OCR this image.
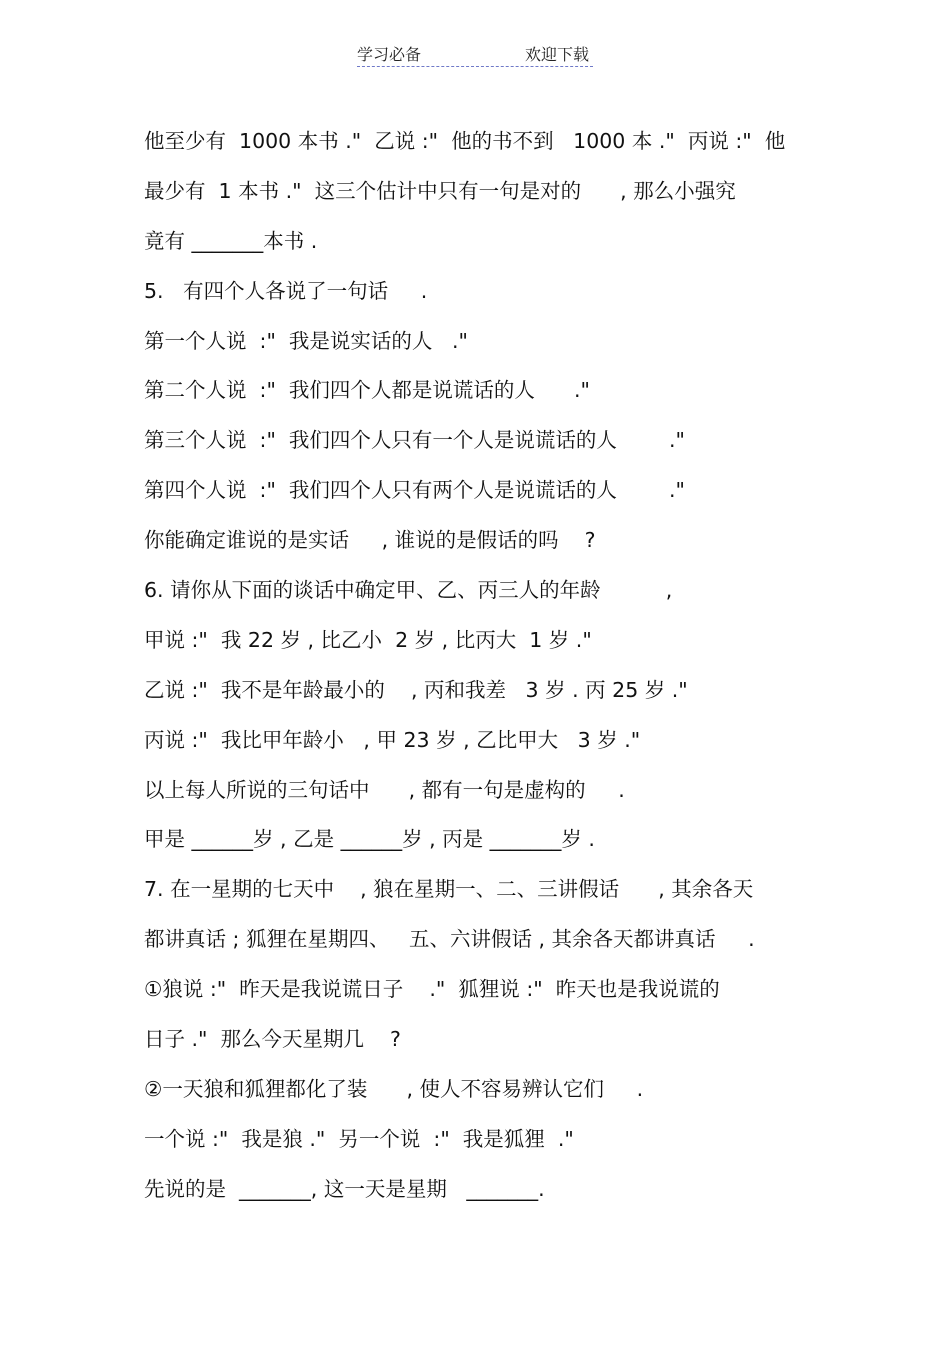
学习必备	欢迎下载
他至少有  1000 本书 ."  乙说 :"  他的书不到   1000 本 ."  丙说 :"  他
最少有  1 本书 ."  这三个估计中只有一句是对的      , 那么小强究
竟有 _______本书 .
5.   有四个人各说了一句话     .
第一个人说  :"  我是说实话的人   ."
第二个人说  :"  我们四个人都是说谎话的人      ."
第三个人说  :"  我们四个人只有一个人是说谎话的人        ."
第四个人说  :"  我们四个人只有两个人是说谎话的人        ."
你能确定谁说的是实话     , 谁说的是假话的吗    ?
6. 请你从下面的谈话中确定甲、乙、丙三人的年龄          ,
甲说 :"  我 22 岁 , 比乙小  2 岁 , 比丙大  1 岁 ."
乙说 :"  我不是年龄最小的    , 丙和我差   3 岁 . 丙 25 岁 ."
丙说 :"  我比甲年龄小   , 甲 23 岁 , 乙比甲大   3 岁 ."
以上每人所说的三句话中      , 都有一句是虚构的     .
甲是 ______岁 , 乙是 ______岁 , 丙是 _______岁 .
7. 在一星期的七天中    , 狼在星期一、二、三讲假话      , 其余各天
都讲真话 ; 狐狸在星期四、   五、六讲假话 , 其余各天都讲真话     .
①狼说 :"  昨天是我说谎日子    ."  狐狸说 :"  昨天也是我说谎的
日子 ."  那么今天星期几    ?
②一天狼和狐狸都化了装      , 使人不容易辨认它们     .
一个说 :"  我是狼 ."  另一个说  :"  我是狐狸  ."
先说的是  _______, 这一天是星期   _______.
